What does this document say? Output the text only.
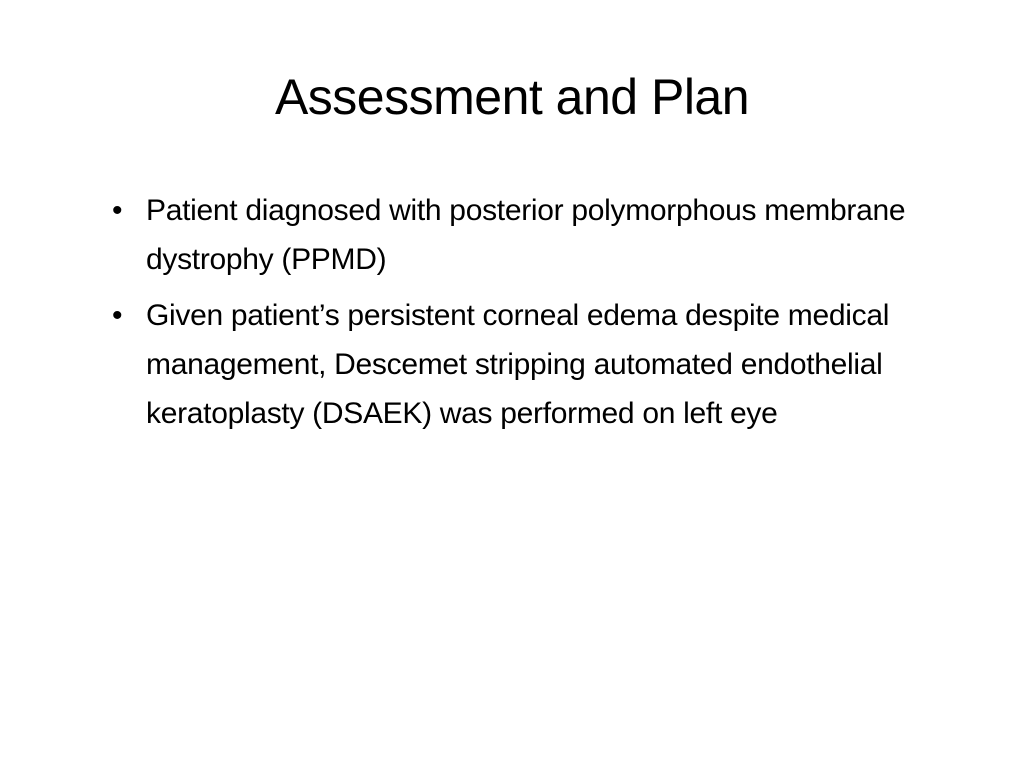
Assessment and Plan
• Patient diagnosed with posterior polymorphous membrane dystrophy (PPMD)
• Given patient’s persistent corneal edema despite medical management, Descemet stripping automated endothelial keratoplasty (DSAEK) was performed on left eye
